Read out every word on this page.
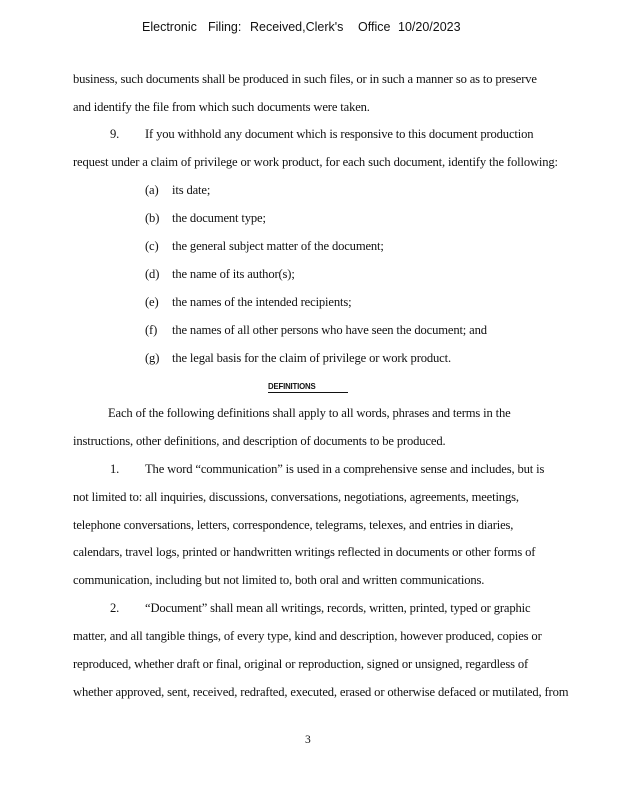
Electronic Filing: Received,Clerk's Office 10/20/2023
business, such documents shall be produced in such files, or in such a manner so as to preserve
and identify the file from which such documents were taken.
9. If you withhold any document which is responsive to this document production
request under a claim of privilege or work product, for each such document, identify the following:
(a) its date;
(b) the document type;
(c) the general subject matter of the document;
(d) the name of its author(s);
(e) the names of the intended recipients;
(f) the names of all other persons who have seen the document; and
(g) the legal basis for the claim of privilege or work product.
DEFINITIONS
Each of the following definitions shall apply to all words, phrases and terms in the
instructions, other definitions, and description of documents to be produced.
1. The word “communication” is used in a comprehensive sense and includes, but is
not limited to: all inquiries, discussions, conversations, negotiations, agreements, meetings,
telephone conversations, letters, correspondence, telegrams, telexes, and entries in diaries,
calendars, travel logs, printed or handwritten writings reflected in documents or other forms of
communication, including but not limited to, both oral and written communications.
2. “Document” shall mean all writings, records, written, printed, typed or graphic
matter, and all tangible things, of every type, kind and description, however produced, copies or
reproduced, whether draft or final, original or reproduction, signed or unsigned, regardless of
whether approved, sent, received, redrafted, executed, erased or otherwise defaced or mutilated, from
3
